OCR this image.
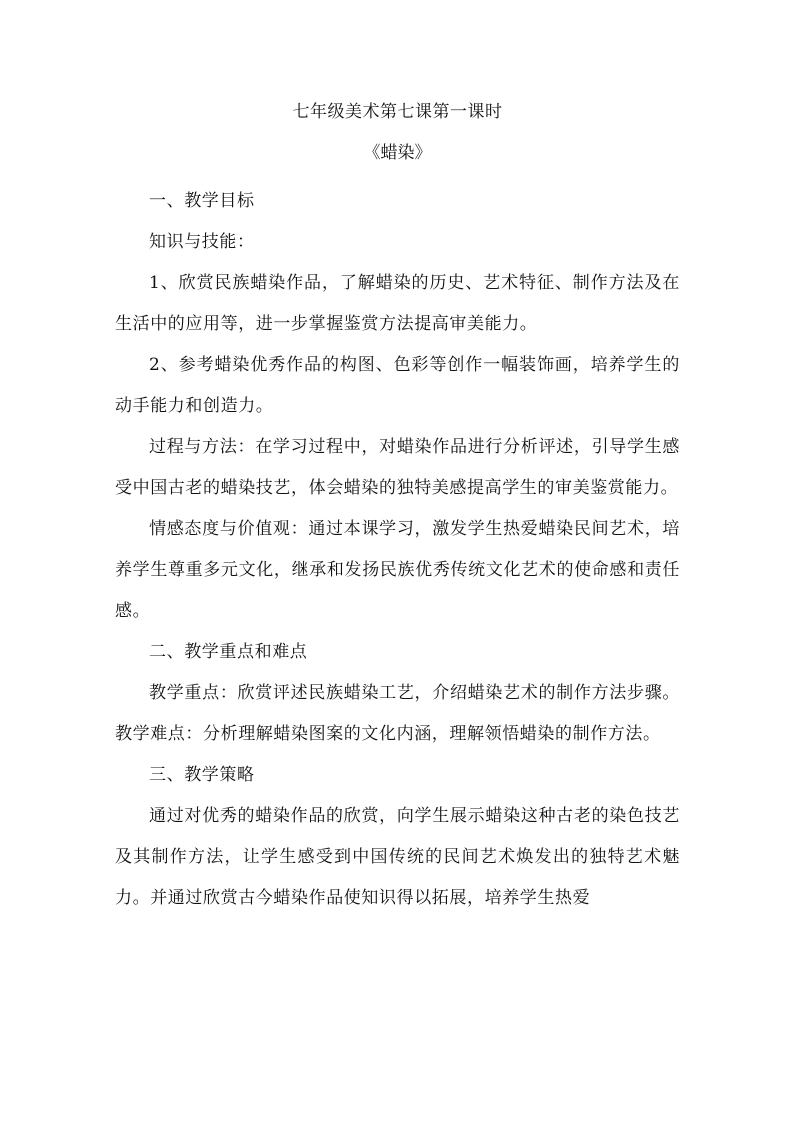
七年级美术第七课第一课时

《蜡染》

一、教学目标

知识与技能：

1、欣赏民族蜡染作品，了解蜡染的历史、艺术特征、制作方法及在生活中的应用等，进一步掌握鉴赏方法提高审美能力。

2、参考蜡染优秀作品的构图、色彩等创作一幅装饰画，培养学生的动手能力和创造力。

过程与方法：在学习过程中，对蜡染作品进行分析评述，引导学生感受中国古老的蜡染技艺，体会蜡染的独特美感提高学生的审美鉴赏能力。

情感态度与价值观：通过本课学习，激发学生热爱蜡染民间艺术，培养学生尊重多元文化，继承和发扬民族优秀传统文化艺术的使命感和责任感。

二、教学重点和难点

教学重点：欣赏评述民族蜡染工艺，介绍蜡染艺术的制作方法步骤。教学难点：分析理解蜡染图案的文化内涵，理解领悟蜡染的制作方法。

三、教学策略

通过对优秀的蜡染作品的欣赏，向学生展示蜡染这种古老的染色技艺及其制作方法，让学生感受到中国传统的民间艺术焕发出的独特艺术魅力。并通过欣赏古今蜡染作品使知识得以拓展，培养学生热爱
